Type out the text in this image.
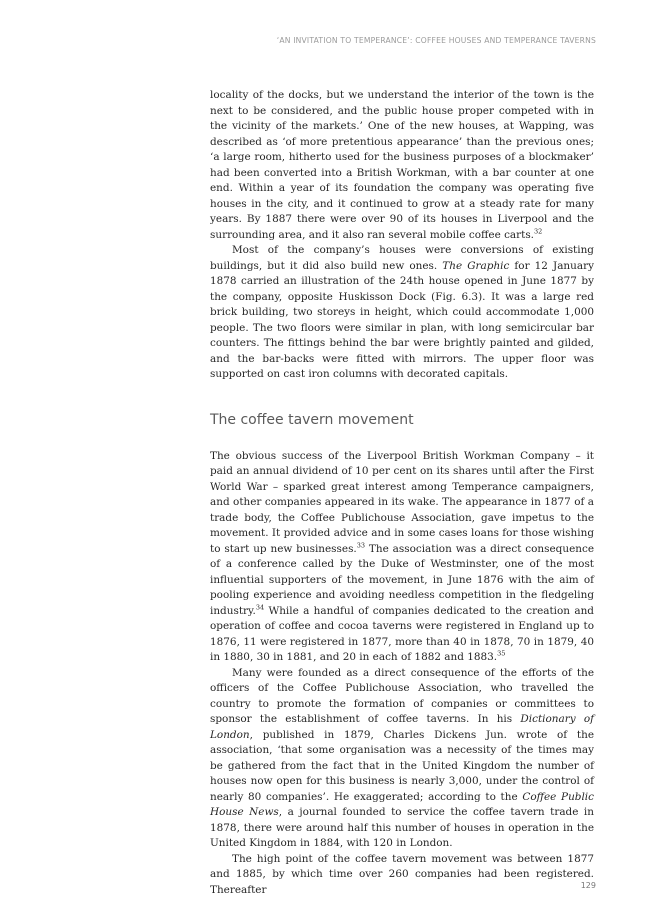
‘AN INVITATION TO TEMPERANCE’: COFFEE HOUSES AND TEMPERANCE TAVERNS

locality of the docks, but we understand the interior of the town is the next to be considered, and the public house proper competed with in the vicinity of the markets.’ One of the new houses, at Wapping, was described as ‘of more pretentious appearance’ than the previous ones; ‘a large room, hitherto used for the business purposes of a blockmaker’ had been converted into a British Workman, with a bar counter at one end. Within a year of its foundation the company was operating five houses in the city, and it continued to grow at a steady rate for many years. By 1887 there were over 90 of its houses in Liverpool and the surrounding area, and it also ran several mobile coffee carts.$^{32}$

Most of the company’s houses were conversions of existing buildings, but it did also build new ones. The Graphic for 12 January 1878 carried an illustration of the 24th house opened in June 1877 by the company, opposite Huskisson Dock (Fig. 6.3). It was a large red brick building, two storeys in height, which could accommodate 1,000 people. The two floors were similar in plan, with long semicircular bar counters. The fittings behind the bar were brightly painted and gilded, and the bar-backs were fitted with mirrors. The upper floor was supported on cast iron columns with decorated capitals.

The coffee tavern movement

The obvious success of the Liverpool British Workman Company – it paid an annual dividend of 10 per cent on its shares until after the First World War – sparked great interest among Temperance campaigners, and other companies appeared in its wake. The appearance in 1877 of a trade body, the Coffee Publichouse Association, gave impetus to the movement. It provided advice and in some cases loans for those wishing to start up new businesses.$^{33}$ The association was a direct consequence of a conference called by the Duke of Westminster, one of the most influential supporters of the movement, in June 1876 with the aim of pooling experience and avoiding needless competition in the fledgeling industry.$^{34}$ While a handful of companies dedicated to the creation and operation of coffee and cocoa taverns were registered in England up to 1876, 11 were registered in 1877, more than 40 in 1878, 70 in 1879, 40 in 1880, 30 in 1881, and 20 in each of 1882 and 1883.35

Many were founded as a direct consequence of the efforts of the officers of the Coffee Publichouse Association, who travelled the country to promote the formation of companies or committees to sponsor the establishment of coffee taverns. In his Dictionary of London, published in 1879, Charles Dickens Jun. wrote of the association, ‘that some organisation was a necessity of the times may be gathered from the fact that in the United Kingdom the number of houses now open for this business is nearly 3,000, under the control of nearly 80 companies’. He exaggerated; according to the Coffee Public House News, a journal founded to service the coffee tavern trade in 1878, there were around half this number of houses in operation in the United Kingdom in 1884, with 120 in London.

The high point of the coffee tavern movement was between 1877 and 1885, by which time over 260 companies had been registered. Thereafter	129
